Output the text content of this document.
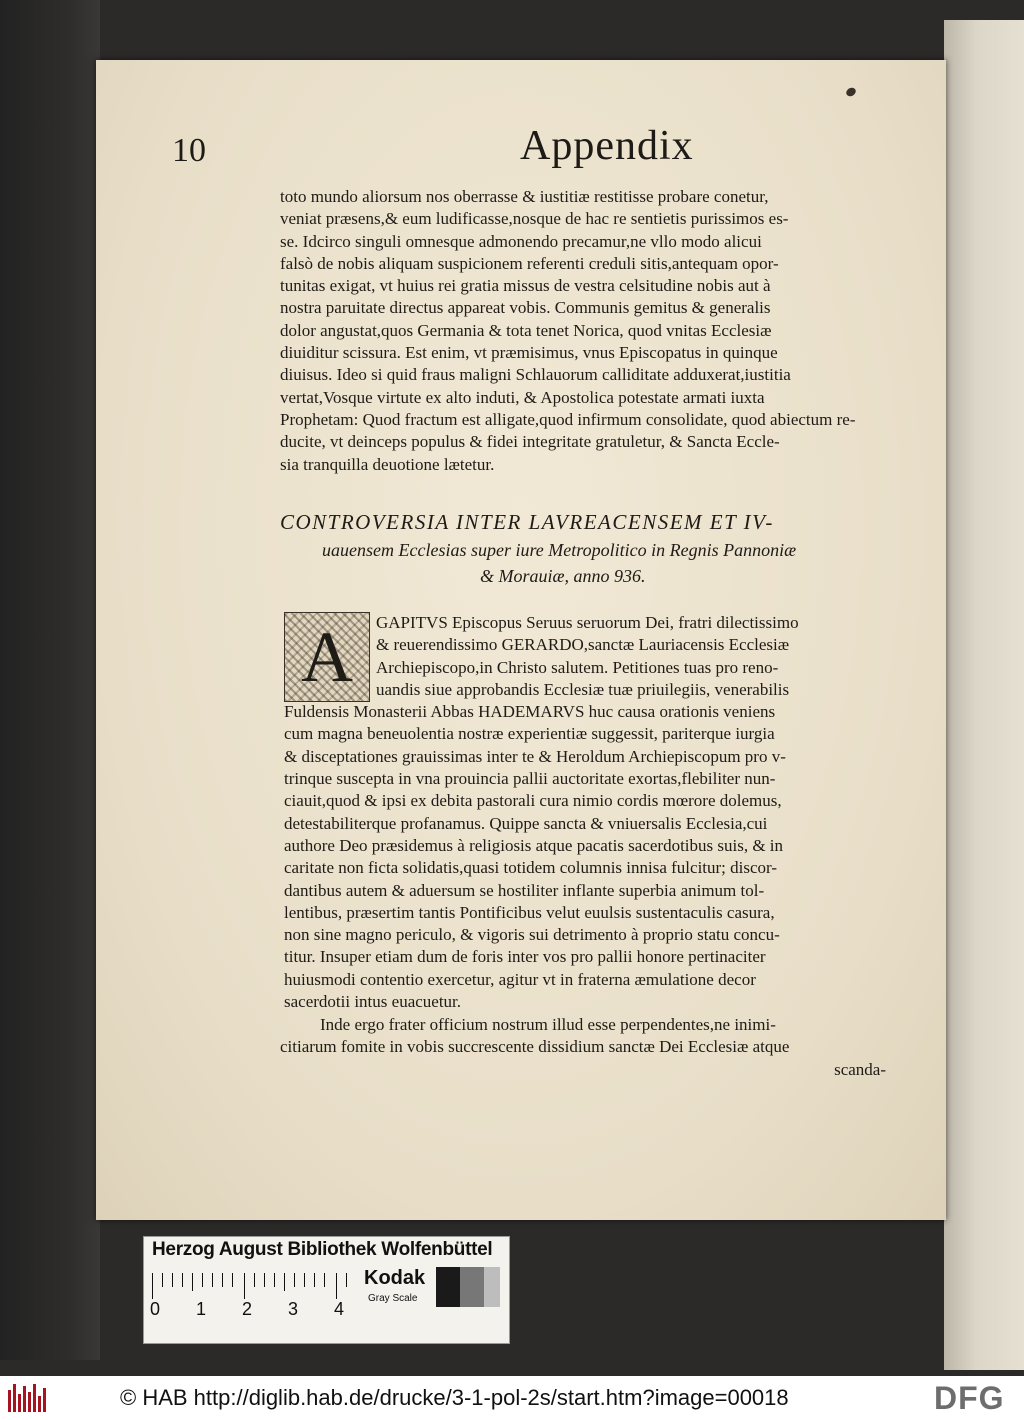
10	Appendix
toto mundo aliorsum nos oberrasse & iustitiæ restitisse probare conetur,
veniat præsens,& eum ludificasse,nosque de hac re sentietis purissimos es-
se. Idcirco singuli omnesque admonendo precamur,ne vllo modo alicui
falsò de nobis aliquam suspicionem referenti creduli sitis,antequam opor-
tunitas exigat, vt huius rei gratia missus de vestra celsitudine nobis aut à
nostra paruitate directus appareat vobis. Communis gemitus & generalis
dolor angustat,quos Germania & tota tenet Norica, quod vnitas Ecclesiæ
diuiditur scissura. Est enim, vt præmisimus, vnus Episcopatus in quinque
diuisus. Ideo si quid fraus maligni Schlauorum calliditate adduxerat,iustitia
vertat,Vosque virtute ex alto induti, & Apostolica potestate armati iuxta
Prophetam: Quod fractum est alligate,quod infirmum consolidate, quod abiectum re-
ducite, vt deinceps populus & fidei integritate gratuletur, & Sancta Eccle-
sia tranquilla deuotione lætetur.
CONTROVERSIA INTER LAVREACENSEM ET IV-
uauensem Ecclesias super iure Metropolitico in Regnis Pannoniæ
& Morauiæ, anno 936.
A	GAPITVS Episcopus Seruus seruorum Dei, fratri dilectissimo
& reuerendissimo GERARDO,sanctæ Lauriacensis Ecclesiæ
Archiepiscopo,in Christo salutem. Petitiones tuas pro reno-
uandis siue approbandis Ecclesiæ tuæ priuilegiis, venerabilis
Fuldensis Monasterii Abbas HADEMARVS huc causa orationis veniens
cum magna beneuolentia nostræ experientiæ suggessit, pariterque iurgia
& disceptationes grauissimas inter te & Heroldum Archiepiscopum pro v-
trinque suscepta in vna prouincia pallii auctoritate exortas,flebiliter nun-
ciauit,quod & ipsi ex debita pastorali cura nimio cordis mœrore dolemus,
detestabiliterque profanamus. Quippe sancta & vniuersalis Ecclesia,cui
authore Deo præsidemus à religiosis atque pacatis sacerdotibus suis, & in
caritate non ficta solidatis,quasi totidem columnis innisa fulcitur; discor-
dantibus autem & aduersum se hostiliter inflante superbia animum tol-
lentibus, præsertim tantis Pontificibus velut euulsis sustentaculis casura,
non sine magno periculo, & vigoris sui detrimento à proprio statu concu-
titur. Insuper etiam dum de foris inter vos pro pallii honore pertinaciter
huiusmodi contentio exercetur, agitur vt in fraterna æmulatione decor
sacerdotii intus euacuetur.
Inde ergo frater officium nostrum illud esse perpendentes,ne inimi-
citiarum fomite in vobis succrescente dissidium sanctæ Dei Ecclesiæ atque
scanda-
Herzog August Bibliothek Wolfenbüttel
0 1 2 3 4
Kodak
Gray Scale
© HAB http://diglib.hab.de/drucke/3-1-pol-2s/start.htm?image=00018	DFG
